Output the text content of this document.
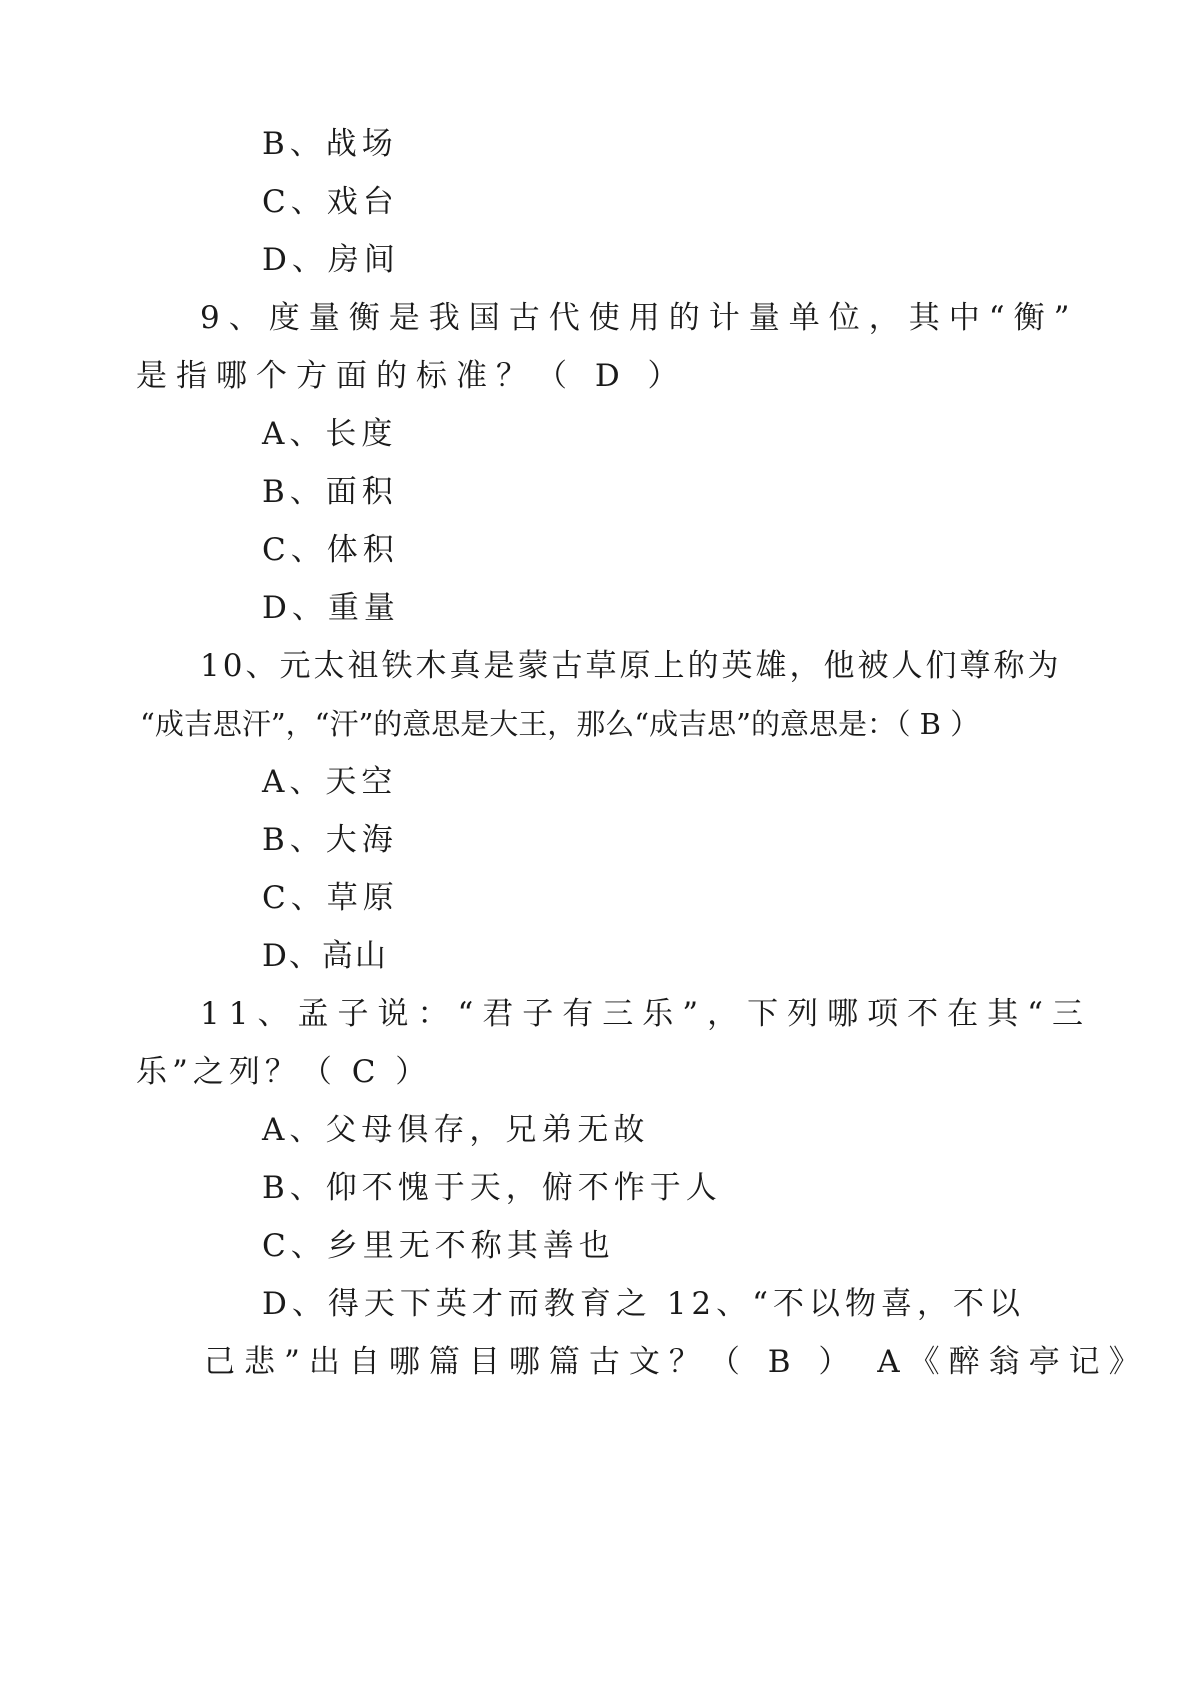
B、战场
C、戏台
D、房间
9、度量衡是我国古代使用的计量单位，其中“衡”
是指哪个方面的标准？（ D ）
A、长度
B、面积
C、体积
D、重量
10、元太祖铁木真是蒙古草原上的英雄，他被人们尊称为
“成吉思汗”，“汗”的意思是大王，那么“成吉思”的意思是：（ B ）
A、天空
B、大海
C、草原
D、高山
11、孟子说：“君子有三乐”，下列哪项不在其“三
乐”之列？（ C ）
A、父母俱存，兄弟无故
B、仰不愧于天，俯不怍于人
C、乡里无不称其善也
D、得天下英才而教育之 12、“不以物喜，不以
己悲”出自哪篇目哪篇古文？（ B ） A《醉翁亭记》
